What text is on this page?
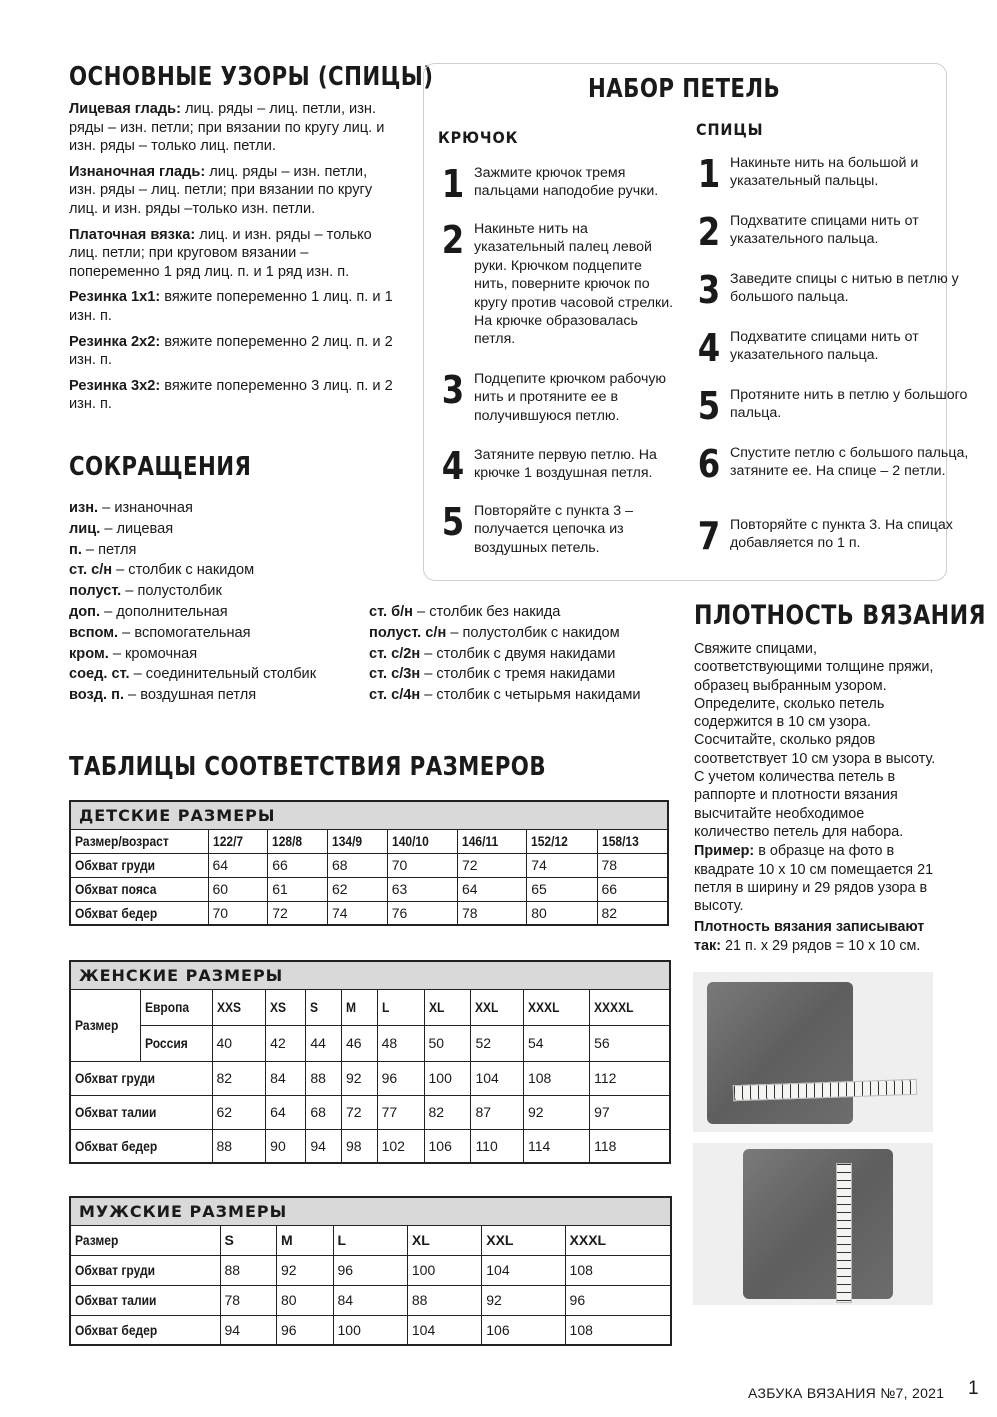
ОСНОВНЫЕ УЗОРЫ (СПИЦЫ)
Лицевая гладь: лиц. ряды – лиц. петли, изн. ряды – изн. петли; при вязании по кругу лиц. и изн. ряды – только лиц. петли.
Изнаночная гладь: лиц. ряды – изн. петли, изн. ряды – лиц. петли; при вязании по кругу лиц. и изн. ряды –только изн. петли.
Платочная вязка: лиц. и изн. ряды – только лиц. петли; при круговом вязании – попеременно 1 ряд лиц. п. и 1 ряд изн. п.
Резинка 1х1: вяжите попеременно 1 лиц. п. и 1 изн. п.
Резинка 2х2: вяжите попеременно 2 лиц. п. и 2 изн. п.
Резинка 3х2: вяжите попеременно 3 лиц. п. и 2 изн. п.
СОКРАЩЕНИЯ
изн. – изнаночная
лиц. – лицевая
п. – петля
ст. с/н – столбик с накидом
полуст. – полустолбик
доп. – дополнительная
вспом. – вспомогательная
кром. – кромочная
соед. ст. – соединительный столбик
возд. п. – воздушная петля
ст. б/н – столбик без накида
полуст. с/н – полустолбик с накидом
ст. с/2н – столбик с двумя накидами
ст. с/3н – столбик с тремя накидами
ст. с/4н – столбик с четырьмя накидами
НАБОР ПЕТЕЛЬ
КРЮЧОК	СПИЦЫ
1 Зажмите крючок тремя пальцами наподобие ручки.
2 Накиньте нить на указательный палец левой руки. Крючком подцепите нить, поверните крючок по кругу против часовой стрелки. На крючке образовалась петля.
3 Подцепите крючком рабочую нить и протяните ее в получившуюся петлю.
4 Затяните первую петлю. На крючке 1 воздушная петля.
5 Повторяйте с пункта 3 – получается цепочка из воздушных петель.
1 Накиньте нить на большой и указательный пальцы.
2 Подхватите спицами нить от указательного пальца.
3 Заведите спицы с нитью в петлю у большого пальца.
4 Подхватите спицами нить от указательного пальца.
5 Протяните нить в петлю у большого пальца.
6 Спустите петлю с большого пальца, затяните ее. На спице – 2 петли.
7 Повторяйте с пункта 3. На спицах добавляется по 1 п.
ПЛОТНОСТЬ ВЯЗАНИЯ
Свяжите спицами, соответствующими толщине пряжи, образец выбранным узором. Определите, сколько петель содержится в 10 см узора. Сосчитайте, сколько рядов соответствует 10 см узора в высоту. С учетом количества петель в раппорте и плотности вязания высчитайте необходимое количество петель для набора.
Пример: в образце на фото в квадрате 10 х 10 см помещается 21 петля в ширину и 29 рядов узора в высоту.
Плотность вязания записывают так: 21 п. х 29 рядов = 10 х 10 см.
ТАБЛИЦЫ СООТВЕТСТВИЯ РАЗМЕРОВ
ДЕТСКИЕ РАЗМЕРЫ							
Размер/возраст	122/7	128/8	134/9	140/10	146/11	152/12	158/13
Обхват груди	64	66	68	70	72	74	78
Обхват пояса	60	61	62	63	64	65	66
Обхват бедер	70	72	74	76	78	80	82
ЖЕНСКИЕ РАЗМЕРЫ										
Размер	Европа	XXS	XS	S	M	L	XL	XXL	XXXL	XXXXL
	Россия	40	42	44	46	48	50	52	54	56
Обхват груди		82	84	88	92	96	100	104	108	112
Обхват талии		62	64	68	72	77	82	87	92	97
Обхват бедер		88	90	94	98	102	106	110	114	118
МУЖСКИЕ РАЗМЕРЫ						
Размер	S	M	L	XL	XXL	XXXL
Обхват груди	88	92	96	100	104	108
Обхват талии	78	80	84	88	92	96
Обхват бедер	94	96	100	104	106	108
АЗБУКА ВЯЗАНИЯ №7, 2021 1
